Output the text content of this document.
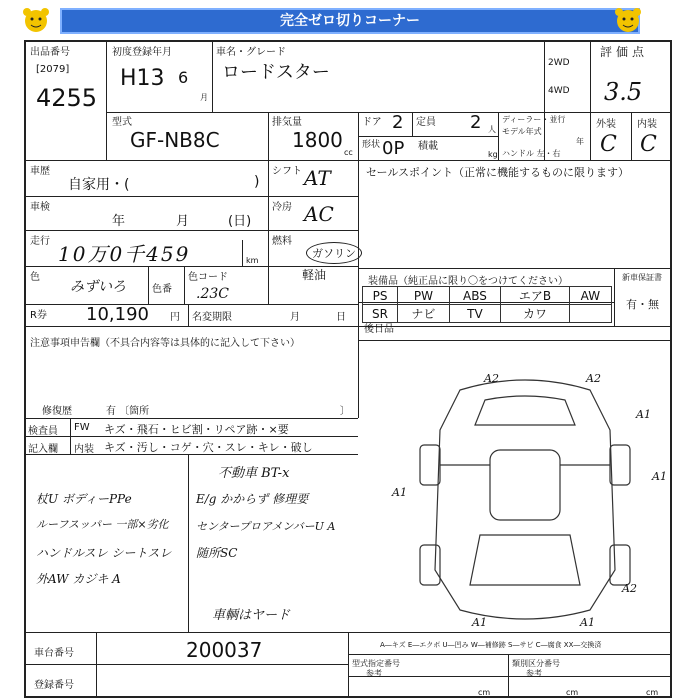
完全ゼロ切りコーナー
出品番号
[2079]
4255
初度登録年月
H13 6
月
車名・グレード
ロードスター	2WD
4WD
評価点
3.5
外装 内装
C C
型式
GF-NB8C
排気量
1800
cc
ドア 2 定員 2 人
形状 0P 積載
kg
ディーラー・並行
モデル年式
年
ハンドル 左・右
車歴
自家用・(	)
シフト AT	セールスポイント（正常に機能するものに限ります）
車検
年	月	(日)
冷房 AC
走行
10万0千459	km
燃料
ガソリン
軽油
色
みずいろ	色番
色コード
.23C
装備品（純正品に限り〇をつけてください）
PS	PW	ABS	エアB	AW
SR	ナビ	TV	カワ	
新車保証書
有・無
R券 10,190 円 名変期限	月	日
後日品
注意事項申告欄（不具合内容等は具体的に記入して下さい）
修復歴	有 〔箇所	〕
検査員
記入欄
FW キズ・飛石・ヒビ割・リペア跡・×要
内装 キズ・汚し・コゲ・穴・スレ・キレ・破し
不動車 BT-x
杖U ボディーPPe	E/g かからず 修理要
ルーフスッパー 一部×劣化 センタープロアメンバーU A
ハンドルスレ シートスレ 随所SC
外AW カジキ A
車輌はヤード
A2	A2
A1
A1
A1
A2
A1	A1
車台番号	200037
登録番号
A―キズ E―エクボ U―凹み W―補修跡 S―サビ C―腐食 XX―交換済
型式指定番号
参考
類別区分番号
参考
cm	cm	cm
